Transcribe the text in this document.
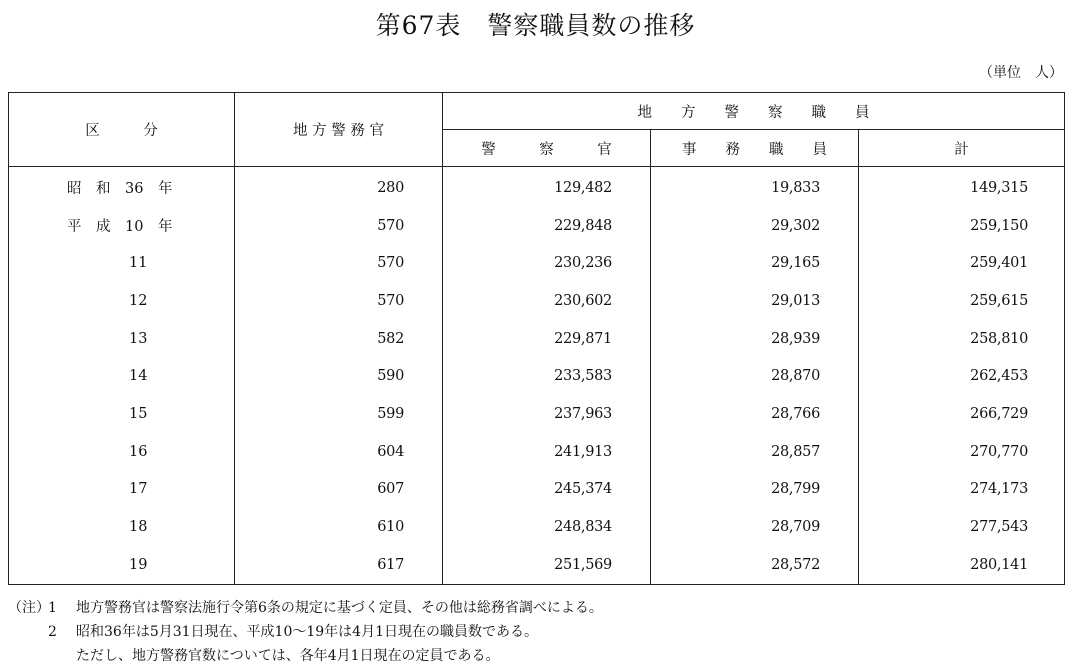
第67表　警察職員数の推移
（単位　人）
区　　　分	地 方 警 務 官	地　　方　　警　　察　　職　　員		
		警　　　察　　　官	事　　務　　職　　員	計
昭　和　36　年	280	129,482	19,833	149,315
平　成　10　年	570	229,848	29,302	259,150
11	570	230,236	29,165	259,401
12	570	230,602	29,013	259,615
13	582	229,871	28,939	258,810
14	590	233,583	28,870	262,453
15	599	237,963	28,766	266,729
16	604	241,913	28,857	270,770
17	607	245,374	28,799	274,173
18	610	248,834	28,709	277,543
19	617	251,569	28,572	280,141
（注）1 地方警務官は警察法施行令第6条の規定に基づく定員、その他は総務省調べによる。
2 昭和36年は5月31日現在、平成10～19年は4月1日現在の職員数である。
ただし、地方警務官数については、各年4月1日現在の定員である。
